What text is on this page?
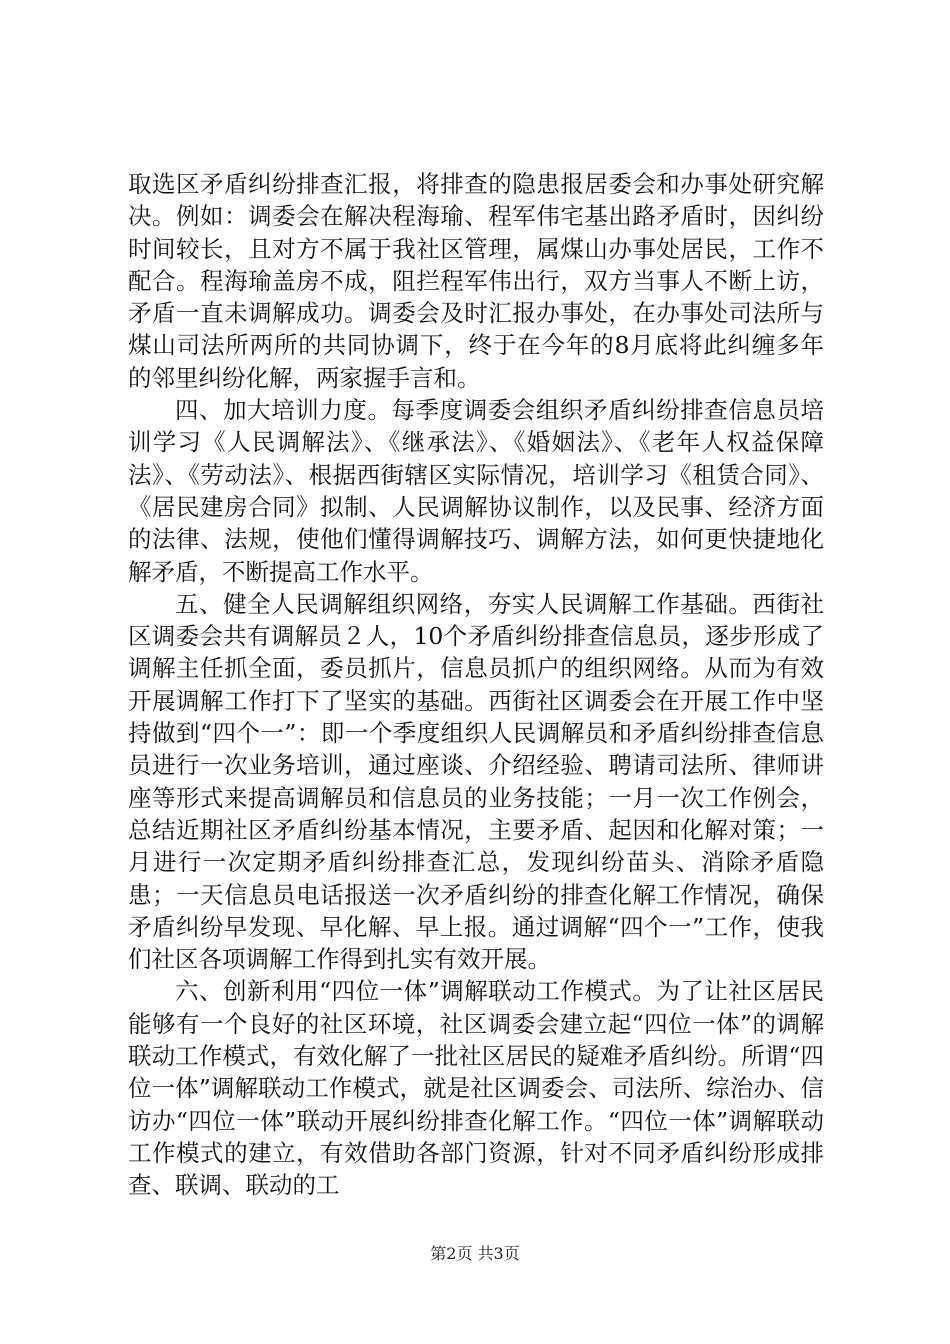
取选区矛盾纠纷排查汇报，将排查的隐患报居委会和办事处研究解决。例如：调委会在解决程海瑜、程军伟宅基出路矛盾时，因纠纷时间较长，且对方不属于我社区管理，属煤山办事处居民，工作不配合。程海瑜盖房不成，阻拦程军伟出行，双方当事人不断上访，矛盾一直未调解成功。调委会及时汇报办事处，在办事处司法所与煤山司法所两所的共同协调下，终于在今年的8月底将此纠缠多年的邻里纠纷化解，两家握手言和。

四、加大培训力度。每季度调委会组织矛盾纠纷排查信息员培训学习《人民调解法》、《继承法》、《婚姻法》、《老年人权益保障法》、《劳动法》、根据西街辖区实际情况，培训学习《租赁合同》、《居民建房合同》拟制、人民调解协议制作，以及民事、经济方面的法律、法规，使他们懂得调解技巧、调解方法，如何更快捷地化解矛盾，不断提高工作水平。

五、健全人民调解组织网络，夯实人民调解工作基础。西街社区调委会共有调解员２人，10个矛盾纠纷排查信息员，逐步形成了调解主任抓全面，委员抓片，信息员抓户的组织网络。从而为有效开展调解工作打下了坚实的基础。西街社区调委会在开展工作中坚持做到“四个一”：即一个季度组织人民调解员和矛盾纠纷排查信息员进行一次业务培训，通过座谈、介绍经验、聘请司法所、律师讲座等形式来提高调解员和信息员的业务技能；一月一次工作例会，总结近期社区矛盾纠纷基本情况，主要矛盾、起因和化解对策；一月进行一次定期矛盾纠纷排查汇总，发现纠纷苗头、消除矛盾隐患；一天信息员电话报送一次矛盾纠纷的排查化解工作情况，确保矛盾纠纷早发现、早化解、早上报。通过调解“四个一”工作，使我们社区各项调解工作得到扎实有效开展。

六、创新利用“四位一体”调解联动工作模式。为了让社区居民能够有一个良好的社区环境，社区调委会建立起“四位一体”的调解联动工作模式，有效化解了一批社区居民的疑难矛盾纠纷。所谓“四位一体”调解联动工作模式，就是社区调委会、司法所、综治办、信访办“四位一体”联动开展纠纷排查化解工作。“四位一体”调解联动工作模式的建立，有效借助各部门资源，针对不同矛盾纠纷形成排查、联调、联动的工

第2页 共3页
